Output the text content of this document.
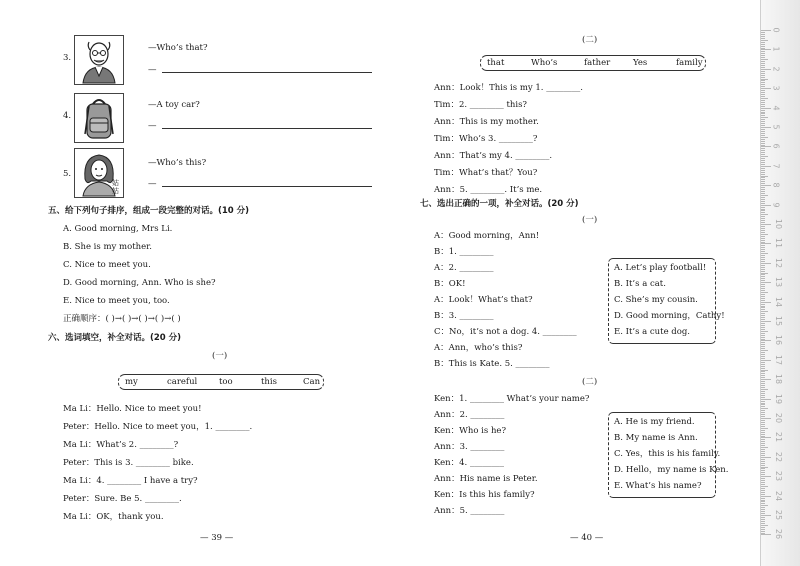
3.
—Who’s that?
—
4.
—A toy car?
—
5.
姑姑
—Who’s this?
—
五、给下列句子排序，组成一段完整的对话。(10 分)
A. Good morning, Mrs Li.
B. She is my mother.
C. Nice to meet you.
D. Good morning, Ann. Who is she?
E. Nice to meet you, too.
正确顺序：( )→( )→( )→( )→( )
六、选词填空，补全对话。(20 分)
(一)
my	careful	too	this	Can
Ma Li：Hello. Nice to meet you!
Peter：Hello. Nice to meet you，1. ________.
Ma Li：What’s 2. ________?
Peter：This is 3. ________ bike.
Ma Li：4. ________ I have a try?
Peter：Sure. Be 5. ________.
Ma Li：OK，thank you.
— 39 —
(二)
that	Who’s	father	Yes	family
Ann：Look！This is my 1. ________.
Tim：2. ________ this?
Ann：This is my mother.
Tim：Who’s 3. ________?
Ann：That’s my 4. ________.
Tim：What’s that？You?
Ann：5. ________. It’s me.
七、选出正确的一项，补全对话。(20 分)
(一)
A：Good morning，Ann!
B：1. ________
A：2. ________
B：OK!
A：Look！What’s that?
B：3. ________
C：No，it’s not a dog. 4. ________
A：Ann，who’s this?
B：This is Kate. 5. ________
A. Let’s play football!
B. It’s a cat.
C. She’s my cousin.
D. Good morning，Cathy!
E. It’s a cute dog.
(二)
Ken：1. ________ What’s your name?
Ann：2. ________
Ken：Who is he?
Ann：3. ________
Ken：4. ________
Ann：His name is Peter.
Ken：Is this his family?
Ann：5. ________
A. He is my friend.
B. My name is Ann.
C. Yes，this is his family.
D. Hello，my name is Ken.
E. What’s his name?
— 40 —
0
1
2
3
4
5
6
7
8
9
10
11
12
13
14
15
16
17
18
19
20
21
22
23
24
25
26
